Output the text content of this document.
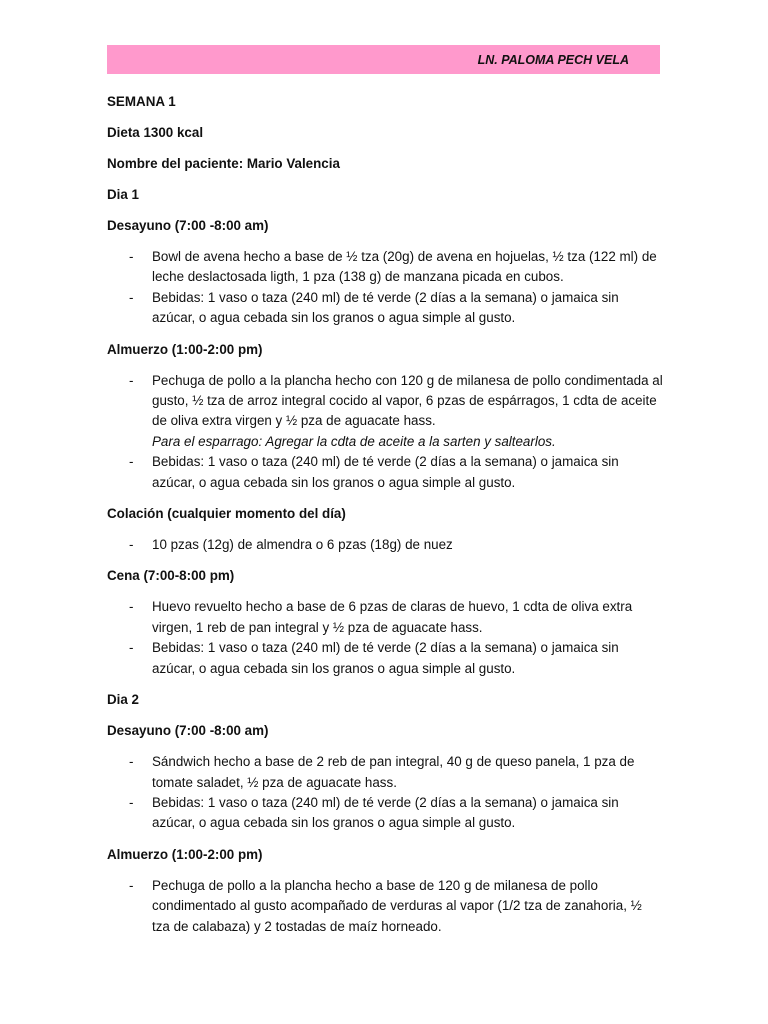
LN. PALOMA PECH VELA
SEMANA 1
Dieta 1300 kcal
Nombre del paciente: Mario Valencia
Dia 1
Desayuno (7:00 -8:00 am)
- Bowl de avena hecho a base de ½ tza (20g) de avena en hojuelas, ½ tza (122 ml) de leche deslactosada ligth, 1 pza (138 g) de manzana picada en cubos.
- Bebidas: 1 vaso o taza (240 ml) de té verde (2 días a la semana) o jamaica sin azúcar, o agua cebada sin los granos o agua simple al gusto.
Almuerzo (1:00-2:00 pm)
- Pechuga de pollo a la plancha hecho con 120 g de milanesa de pollo condimentada al gusto, ½ tza de arroz integral cocido al vapor, 6 pzas de espárragos, 1 cdta de aceite de oliva extra virgen y ½ pza de aguacate hass.
Para el esparrago: Agregar la cdta de aceite a la sarten y saltearlos.
- Bebidas: 1 vaso o taza (240 ml) de té verde (2 días a la semana) o jamaica sin azúcar, o agua cebada sin los granos o agua simple al gusto.
Colación (cualquier momento del día)
- 10 pzas (12g) de almendra o 6 pzas (18g) de nuez
Cena (7:00-8:00 pm)
- Huevo revuelto hecho a base de 6 pzas de claras de huevo, 1 cdta de oliva extra virgen, 1 reb de pan integral y ½ pza de aguacate hass.
- Bebidas: 1 vaso o taza (240 ml) de té verde (2 días a la semana) o jamaica sin azúcar, o agua cebada sin los granos o agua simple al gusto.
Dia 2
Desayuno (7:00 -8:00 am)
- Sándwich hecho a base de 2 reb de pan integral, 40 g de queso panela, 1 pza de tomate saladet, ½ pza de aguacate hass.
- Bebidas: 1 vaso o taza (240 ml) de té verde (2 días a la semana) o jamaica sin azúcar, o agua cebada sin los granos o agua simple al gusto.
Almuerzo (1:00-2:00 pm)
- Pechuga de pollo a la plancha hecho a base de 120 g de milanesa de pollo condimentado al gusto acompañado de verduras al vapor (1/2 tza de zanahoria, ½ tza de calabaza) y 2 tostadas de maíz horneado.
